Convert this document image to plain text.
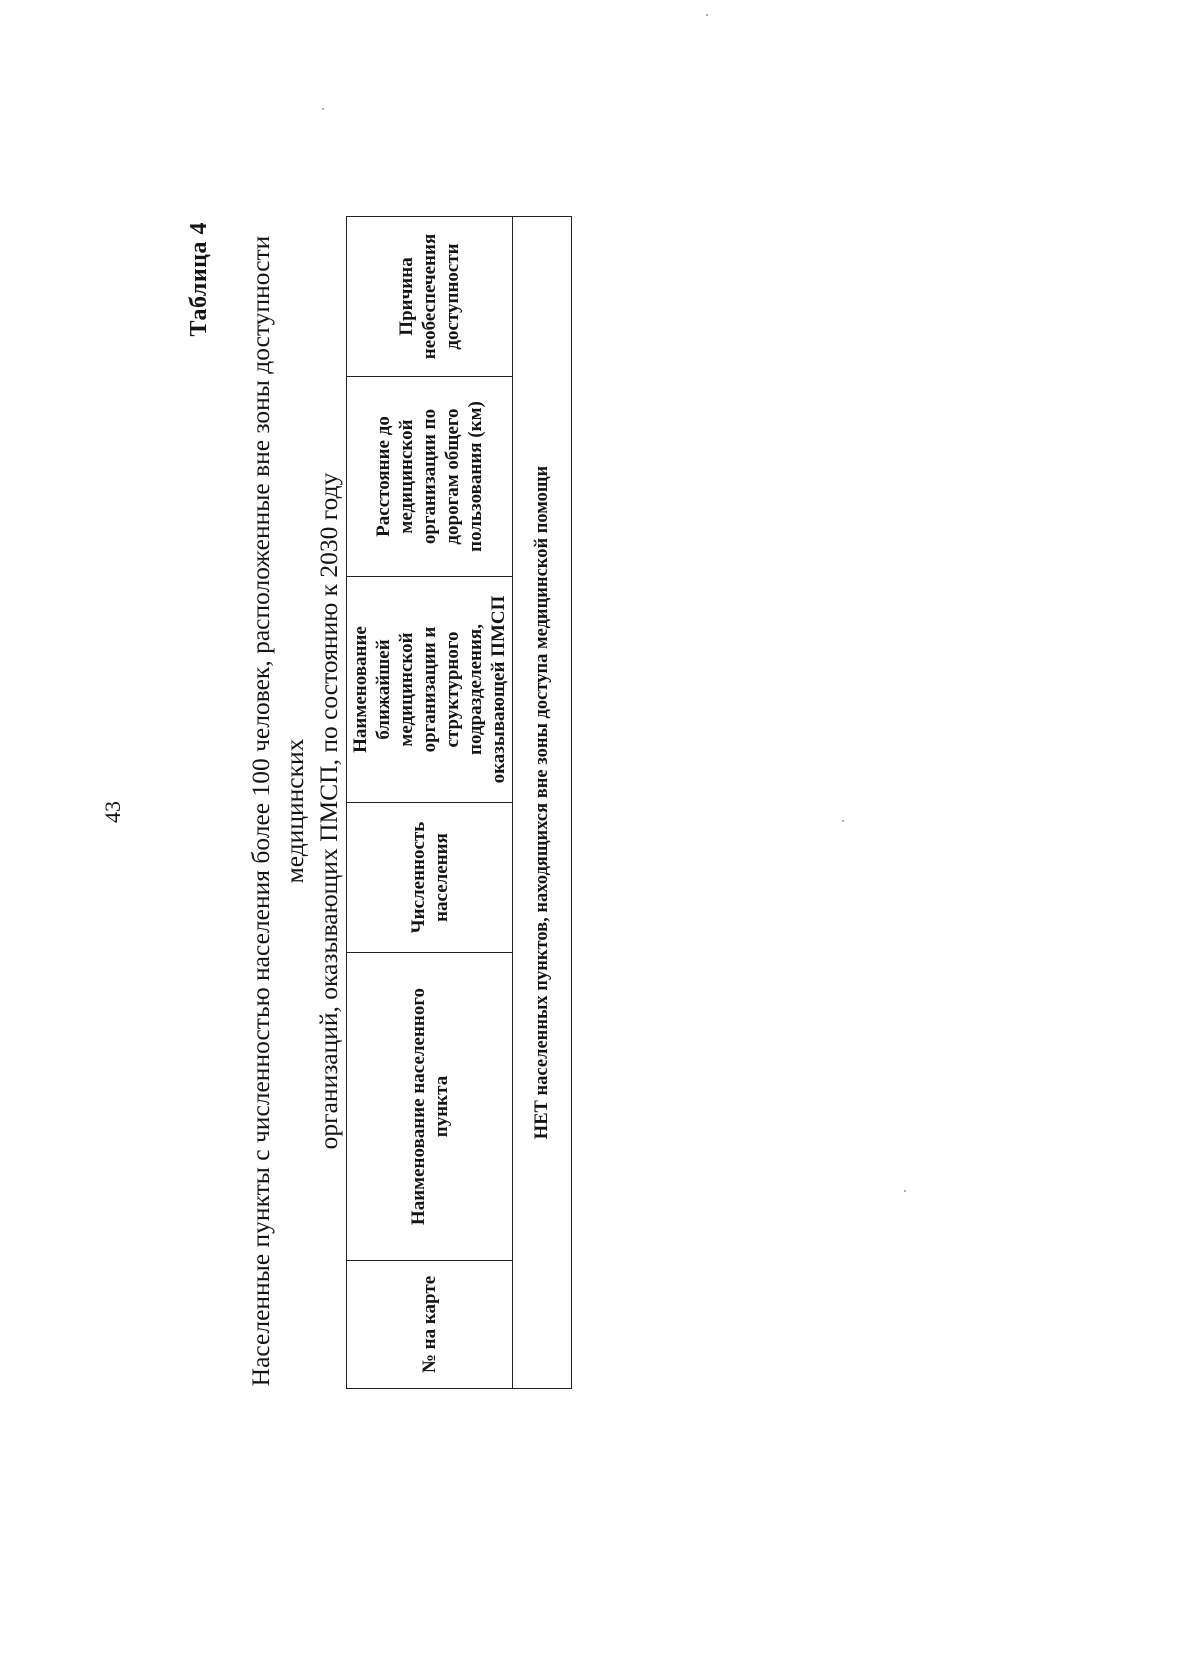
43
Таблица 4 Населенные пункты с численностью населения более 100 человек, расположенные вне зоны доступности медицинских организаций, оказывающих ПМСП, по состоянию к 2030 году
№ на карте	Наименование населенного пункта	Численность населения	Наименование ближайшей медицинской организации и структурного подразделения, оказывающей ПМСП	Расстояние до медицинской организации по дорогам общего пользования (км)	Причина необеспечения доступности
НЕТ населенных пунктов, находящихся вне зоны доступа медицинской помощи
